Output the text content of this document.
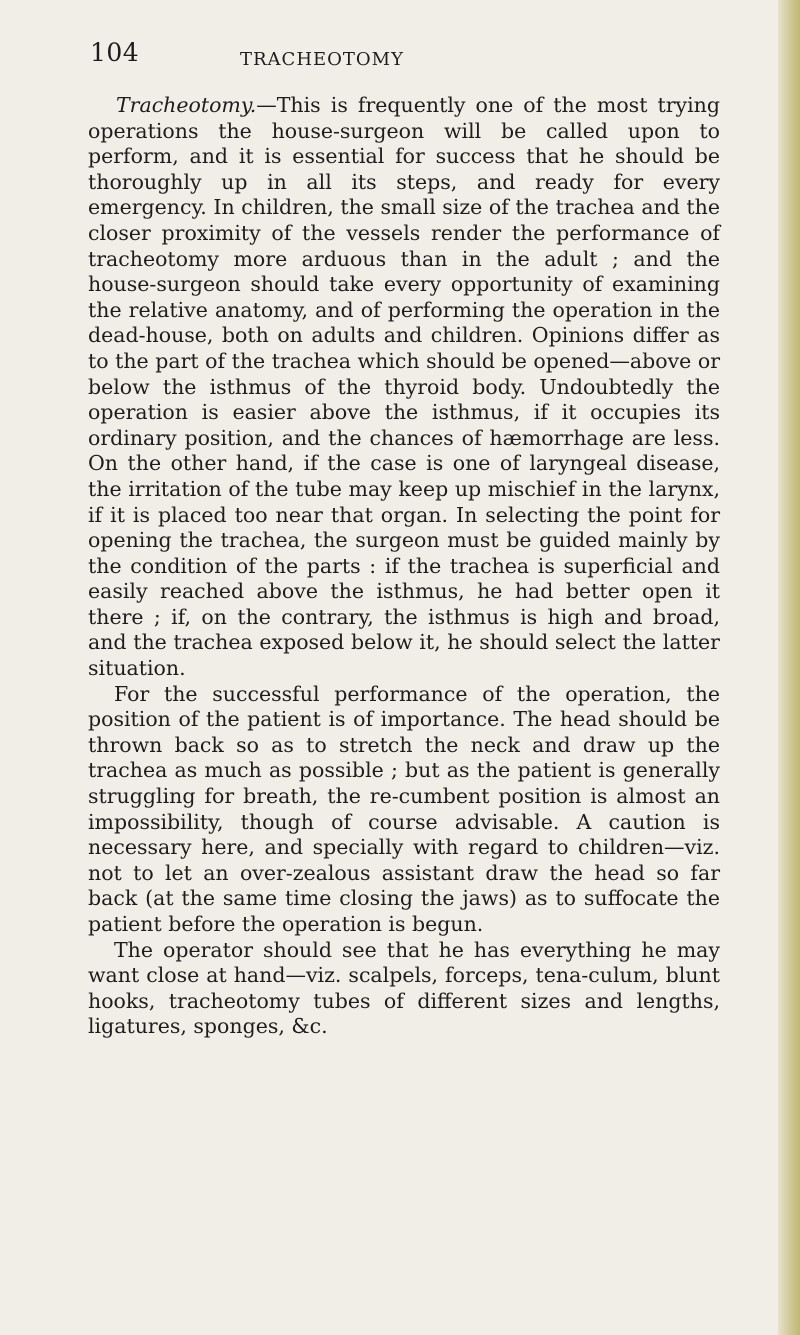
104	TRACHEOTOMY

Tracheotomy.—This is frequently one of the most trying operations the house-surgeon will be called upon to perform, and it is essential for success that he should be thoroughly up in all its steps, and ready for every emergency. In children, the small size of the trachea and the closer proximity of the vessels render the performance of tracheotomy more arduous than in the adult ; and the house-surgeon should take every opportunity of examining the relative anatomy, and of performing the operation in the dead-house, both on adults and children. Opinions differ as to the part of the trachea which should be opened—above or below the isthmus of the thyroid body. Undoubtedly the operation is easier above the isthmus, if it occupies its ordinary position, and the chances of hæmorrhage are less. On the other hand, if the case is one of laryngeal disease, the irritation of the tube may keep up mischief in the larynx, if it is placed too near that organ. In selecting the point for opening the trachea, the surgeon must be guided mainly by the condition of the parts : if the trachea is superficial and easily reached above the isthmus, he had better open it there ; if, on the contrary, the isthmus is high and broad, and the trachea exposed below it, he should select the latter situation.

For the successful performance of the operation, the position of the patient is of importance. The head should be thrown back so as to stretch the neck and draw up the trachea as much as possible ; but as the patient is generally struggling for breath, the re-cumbent position is almost an impossibility, though of course advisable. A caution is necessary here, and specially with regard to children—viz. not to let an over-zealous assistant draw the head so far back (at the same time closing the jaws) as to suffocate the patient before the operation is begun.

The operator should see that he has everything he may want close at hand—viz. scalpels, forceps, tena-culum, blunt hooks, tracheotomy tubes of different sizes and lengths, ligatures, sponges, &c.
